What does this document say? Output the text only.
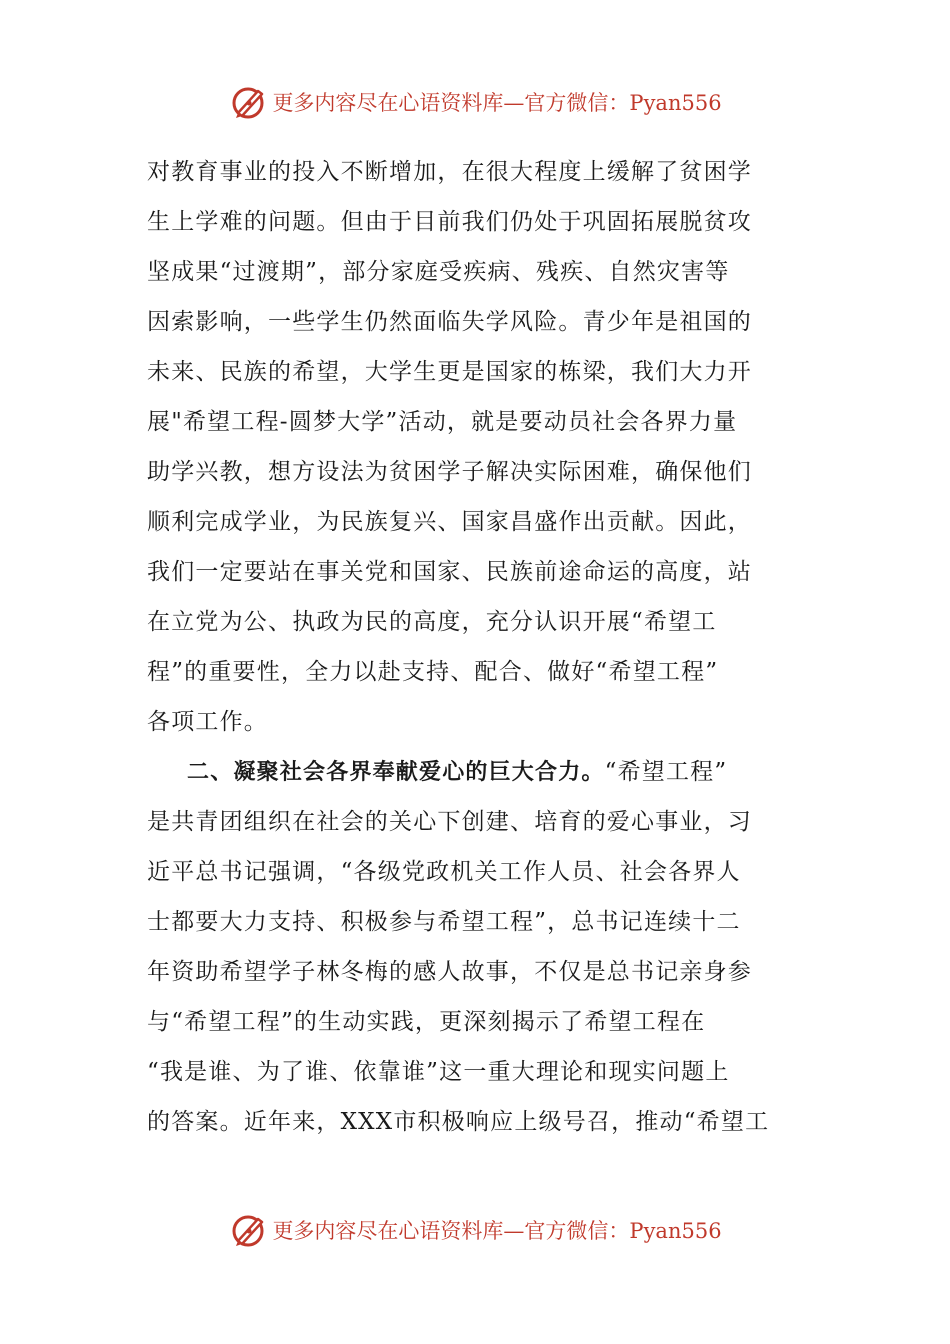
更多内容尽在心语资料库—官方微信：Pyan556
对教育事业的投入不断增加，在很大程度上缓解了贫困学
生上学难的问题。但由于目前我们仍处于巩固拓展脱贫攻
坚成果“过渡期”，部分家庭受疾病、残疾、自然灾害等
因索影响，一些学生仍然面临失学风险。青少年是祖国的
未来、民族的希望，大学生更是国家的栋梁，我们大力开
展"希望工程-圆梦大学”活动，就是要动员社会各界力量
助学兴教，想方设法为贫困学子解决实际困难，确保他们
顺利完成学业，为民族复兴、国家昌盛作出贡献。因此，
我们一定要站在事关党和国家、民族前途命运的高度，站
在立党为公、执政为民的高度，充分认识开展“希望工
程”的重要性，全力以赴支持、配合、做好“希望工程”
各项工作。
二、凝聚社会各界奉献爱心的巨大合力。“希望工程”
是共青团组织在社会的关心下创建、培育的爱心事业，习
近平总书记强调，“各级党政机关工作人员、社会各界人
士都要大力支持、积极参与希望工程”，总书记连续十二
年资助希望学子林冬梅的感人故事，不仅是总书记亲身参
与“希望工程”的生动实践，更深刻揭示了希望工程在
“我是谁、为了谁、依靠谁”这一重大理论和现实问题上
的答案。近年来，XXX市积极响应上级号召，推动“希望工
更多内容尽在心语资料库—官方微信：Pyan556
